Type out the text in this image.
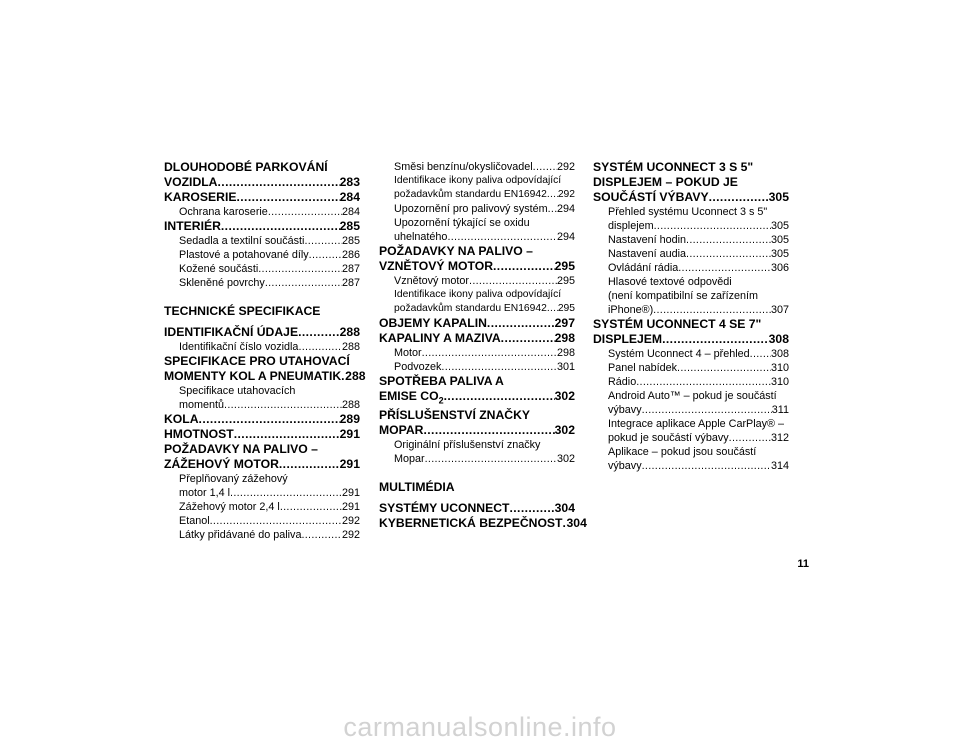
DLOUHODOBÉ PARKOVÁNÍ
VOZIDLA .....	283
KAROSERIE .....	284
Ochrana karoserie .....	284
INTERIÉR .....	285
Sedadla a textilní součásti .....	285
Plastové a potahované díly .....	286
Kožené součásti .....	287
Skleněné povrchy .....	287
TECHNICKÉ SPECIFIKACE
IDENTIFIKAČNÍ ÚDAJE .....	288
Identifikační číslo vozidla .....	288
SPECIFIKACE PRO UTAHOVACÍ
MOMENTY KOL A PNEUMATIK ..... 288
Specifikace utahovacích
momentů .....	288
KOLA .....	289
HMOTNOST .....	291
POŽADAVKY NA PALIVO –
ZÁŽEHOVÝ MOTOR .....	291
Přeplňovaný zážehový
motor 1,4 l .....	291
Zážehový motor 2,4 l .....	291
Etanol .....	292
Látky přidávané do paliva .....	292
Směsi benzínu/okysličovadel ..... 292
Identifikace ikony paliva odpovídající
požadavkům standardu EN16942 ..... 292
Upozornění pro palivový systém ..... 294
Upozornění týkající se oxidu
uhelnatého .....	294
POŽADAVKY NA PALIVO –
VZNĚTOVÝ MOTOR .....	295
Vznětový motor .....	295
Identifikace ikony paliva odpovídající
požadavkům standardu EN16942 ..... 295
OBJEMY KAPALIN .....	297
KAPALINY A MAZIVA .....	298
Motor .....	298
Podvozek .....	301
SPOTŘEBA PALIVA A
EMISE $CO_2$ .....	302
PŘÍSLUŠENSTVÍ ZNAČKY
MOPAR .....	302
Originální příslušenství značky
Mopar .....	302
MULTIMÉDIA
SYSTÉMY UCONNECT .....	304
KYBERNETICKÁ BEZPEČNOST ..... 304
SYSTÉM UCONNECT 3 S 5"
DISPLEJEM – POKUD JE
SOUČÁSTÍ VÝBAVY .....	305
Přehled systému Uconnect 3 s 5"
displejem .....	305
Nastavení hodin .....	305
Nastavení audia .....	305
Ovládání rádia .....	306
Hlasové textové odpovědi
(není kompatibilní se zařízením
iPhone®) .....	307
SYSTÉM UCONNECT 4 SE 7"
DISPLEJEM .....	308
Systém Uconnect 4 – přehled ..... 308
Panel nabídek .....	310
Rádio .....	310
Android Auto™ – pokud je součástí
výbavy .....	311
Integrace aplikace Apple CarPlay® –
pokud je součástí výbavy .....	312
Aplikace – pokud jsou součástí
výbavy .....	314
11
carmanualsonline.info
